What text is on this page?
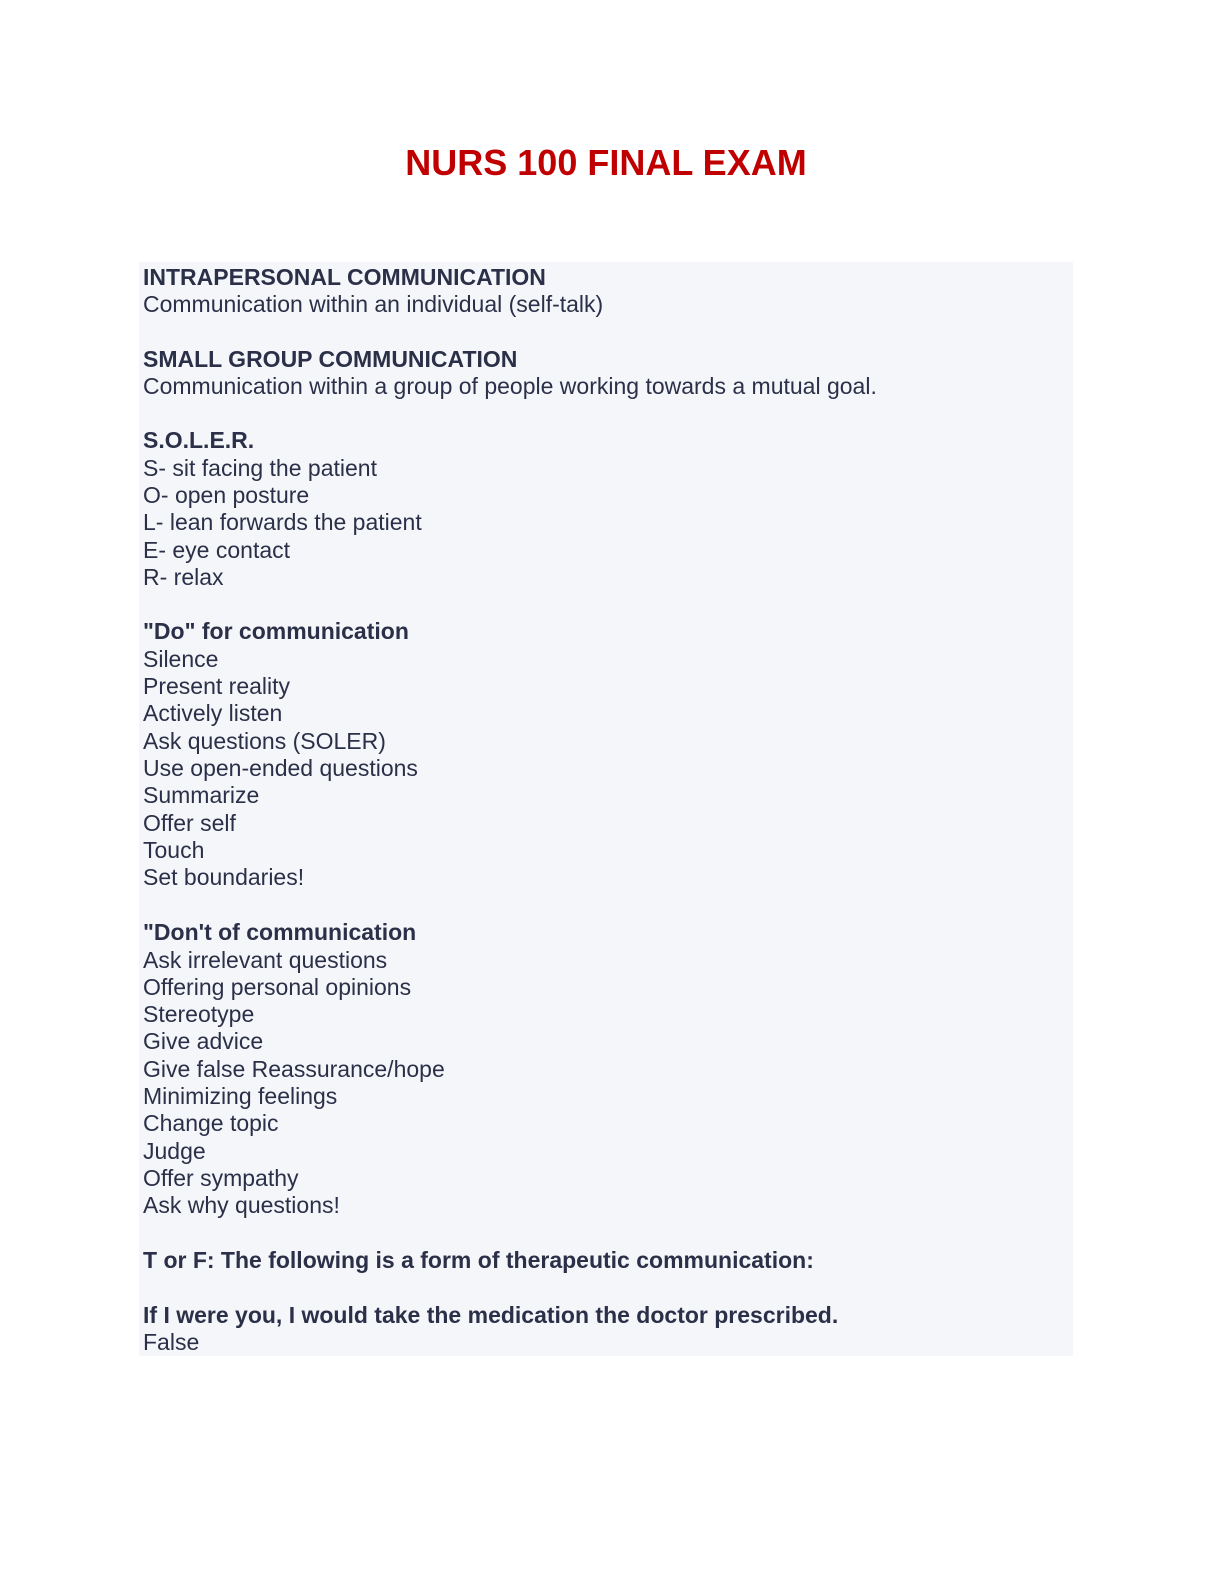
NURS 100 FINAL EXAM
INTRAPERSONAL COMMUNICATION
Communication within an individual (self-talk)
SMALL GROUP COMMUNICATION
Communication within a group of people working towards a mutual goal.
S.O.L.E.R.
S- sit facing the patient
O- open posture
L- lean forwards the patient
E- eye contact
R- relax
"Do" for communication
Silence
Present reality
Actively listen
Ask questions (SOLER)
Use open-ended questions
Summarize
Offer self
Touch
Set boundaries!
"Don't of communication
Ask irrelevant questions
Offering personal opinions
Stereotype
Give advice
Give false Reassurance/hope
Minimizing feelings
Change topic
Judge
Offer sympathy
Ask why questions!
T or F: The following is a form of therapeutic communication:
If I were you, I would take the medication the doctor prescribed.
False
